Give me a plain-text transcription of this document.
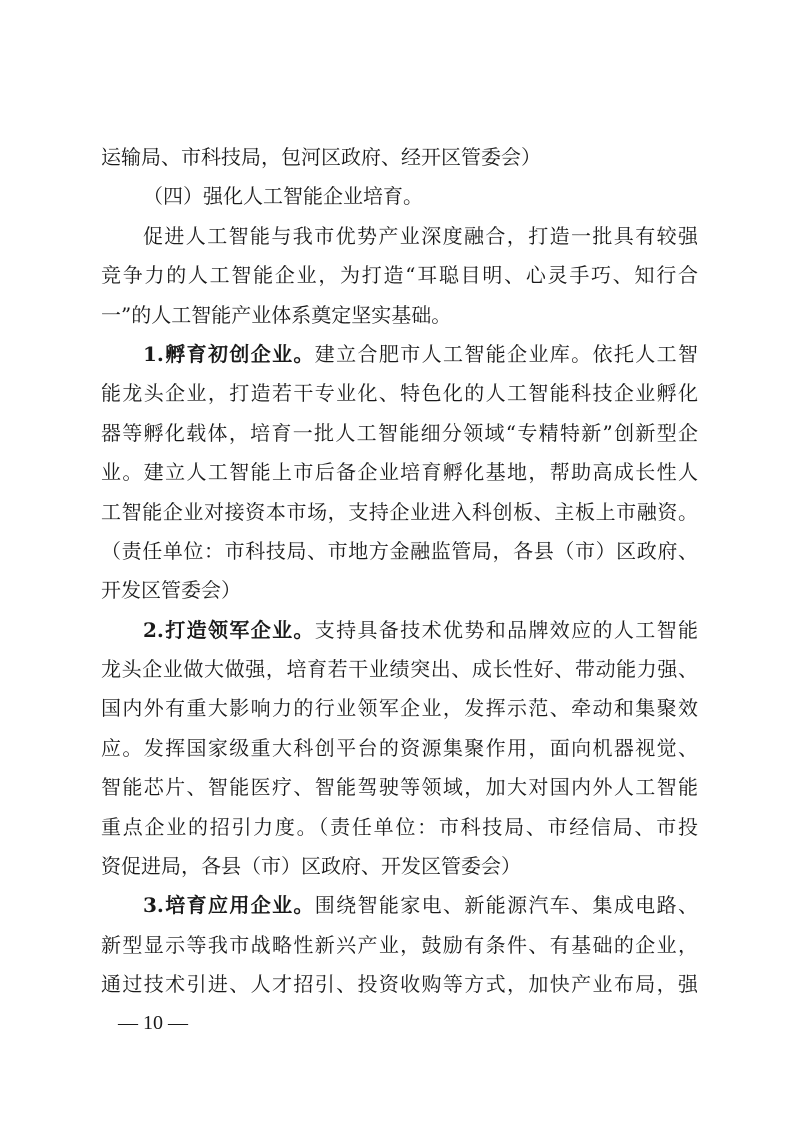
运输局、市科技局，包河区政府、经开区管委会）
（四）强化人工智能企业培育。
促进人工智能与我市优势产业深度融合，打造一批具有较强
竞争力的人工智能企业，为打造“耳聪目明、心灵手巧、知行合
一”的人工智能产业体系奠定坚实基础。
1.孵育初创企业。建立合肥市人工智能企业库。依托人工智
能龙头企业，打造若干专业化、特色化的人工智能科技企业孵化
器等孵化载体，培育一批人工智能细分领域“专精特新”创新型企
业。建立人工智能上市后备企业培育孵化基地，帮助高成长性人
工智能企业对接资本市场，支持企业进入科创板、主板上市融资。
（责任单位：市科技局、市地方金融监管局，各县（市）区政府、
开发区管委会）
2.打造领军企业。支持具备技术优势和品牌效应的人工智能
龙头企业做大做强，培育若干业绩突出、成长性好、带动能力强、
国内外有重大影响力的行业领军企业，发挥示范、牵动和集聚效
应。发挥国家级重大科创平台的资源集聚作用，面向机器视觉、
智能芯片、智能医疗、智能驾驶等领域，加大对国内外人工智能
重点企业的招引力度。（责任单位：市科技局、市经信局、市投
资促进局，各县（市）区政府、开发区管委会）
3.培育应用企业。围绕智能家电、新能源汽车、集成电路、
新型显示等我市战略性新兴产业，鼓励有条件、有基础的企业，
通过技术引进、人才招引、投资收购等方式，加快产业布局，强
— 10 —
